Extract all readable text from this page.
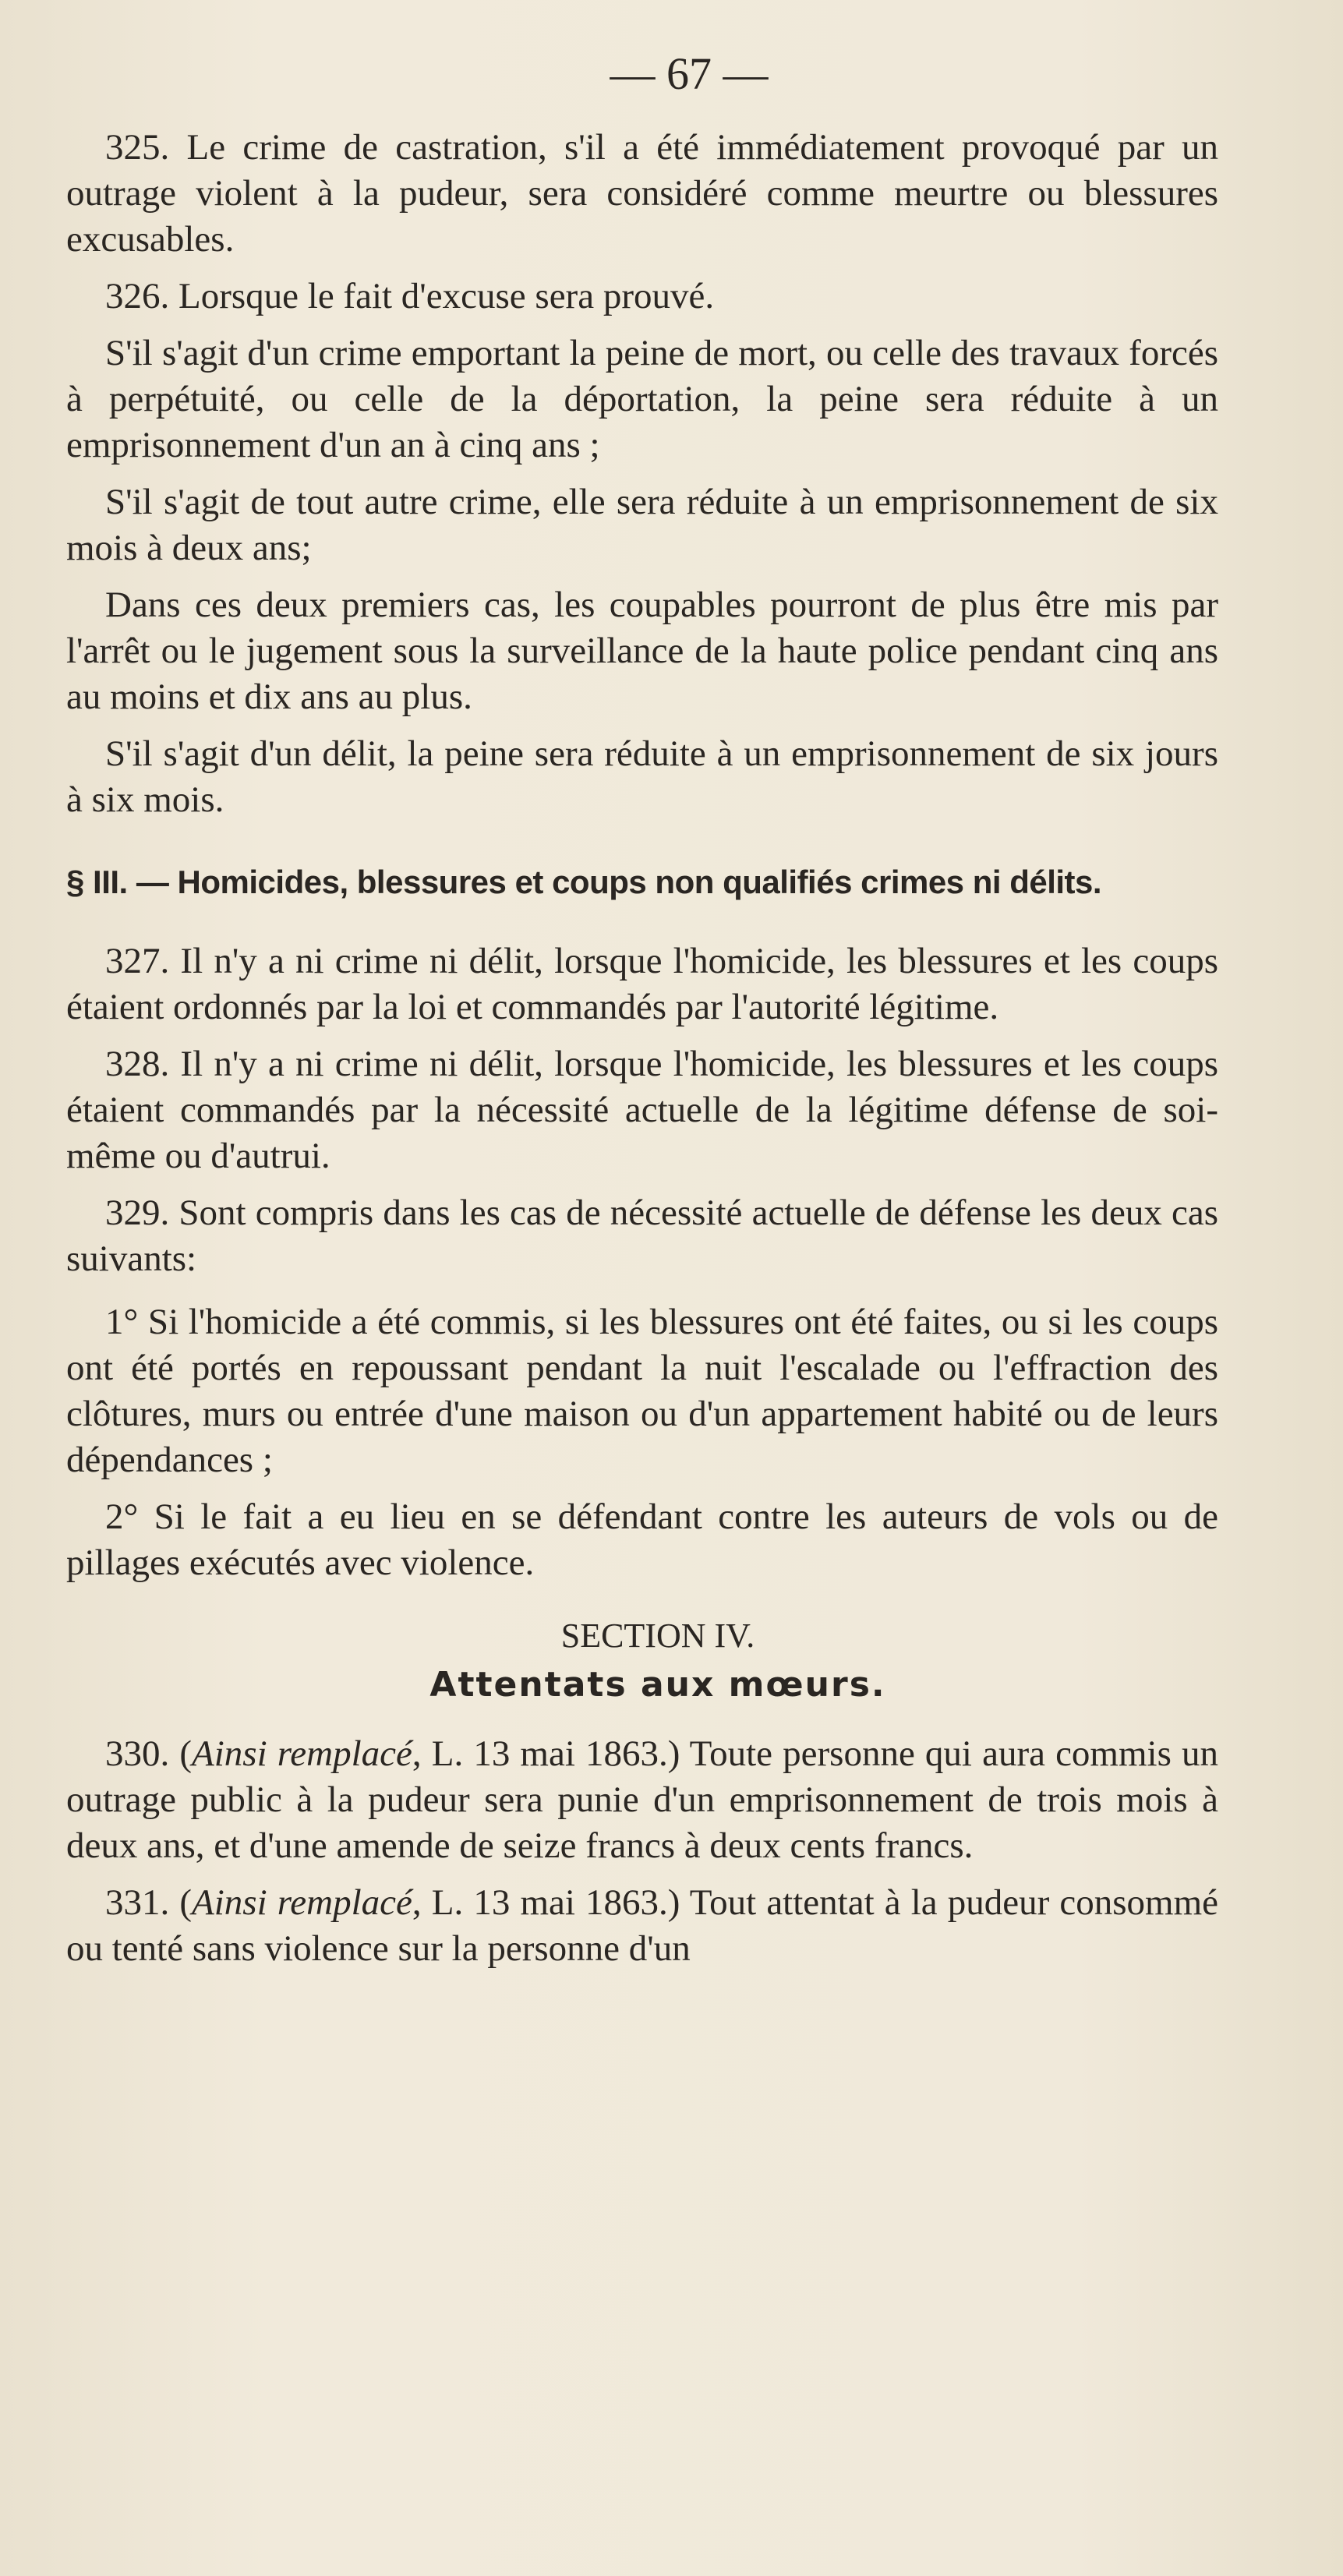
— 67 —

325. Le crime de castration, s'il a été immédiatement provoqué par un outrage violent à la pudeur, sera considéré comme meurtre ou blessures excusables.

326. Lorsque le fait d'excuse sera prouvé.

S'il s'agit d'un crime emportant la peine de mort, ou celle des travaux forcés à perpétuité, ou celle de la déportation, la peine sera réduite à un emprisonnement d'un an à cinq ans ;

S'il s'agit de tout autre crime, elle sera réduite à un emprisonnement de six mois à deux ans;

Dans ces deux premiers cas, les coupables pourront de plus être mis par l'arrêt ou le jugement sous la surveillance de la haute police pendant cinq ans au moins et dix ans au plus.

S'il s'agit d'un délit, la peine sera réduite à un emprisonnement de six jours à six mois.

§ III. — Homicides, blessures et coups non qualifiés crimes ni délits.

327. Il n'y a ni crime ni délit, lorsque l'homicide, les blessures et les coups étaient ordonnés par la loi et commandés par l'autorité légitime.

328. Il n'y a ni crime ni délit, lorsque l'homicide, les blessures et les coups étaient commandés par la nécessité actuelle de la légitime défense de soi-même ou d'autrui.

329. Sont compris dans les cas de nécessité actuelle de défense les deux cas suivants:

1° Si l'homicide a été commis, si les blessures ont été faites, ou si les coups ont été portés en repoussant pendant la nuit l'escalade ou l'effraction des clôtures, murs ou entrée d'une maison ou d'un appartement habité ou de leurs dépendances ;

2° Si le fait a eu lieu en se défendant contre les auteurs de vols ou de pillages exécutés avec violence.

SECTION IV.
Attentats aux mœurs.

330. (Ainsi remplacé, L. 13 mai 1863.) Toute personne qui aura commis un outrage public à la pudeur sera punie d'un emprisonnement de trois mois à deux ans, et d'une amende de seize francs à deux cents francs.

331. (Ainsi remplacé, L. 13 mai 1863.) Tout attentat à la pudeur consommé ou tenté sans violence sur la personne d'un
